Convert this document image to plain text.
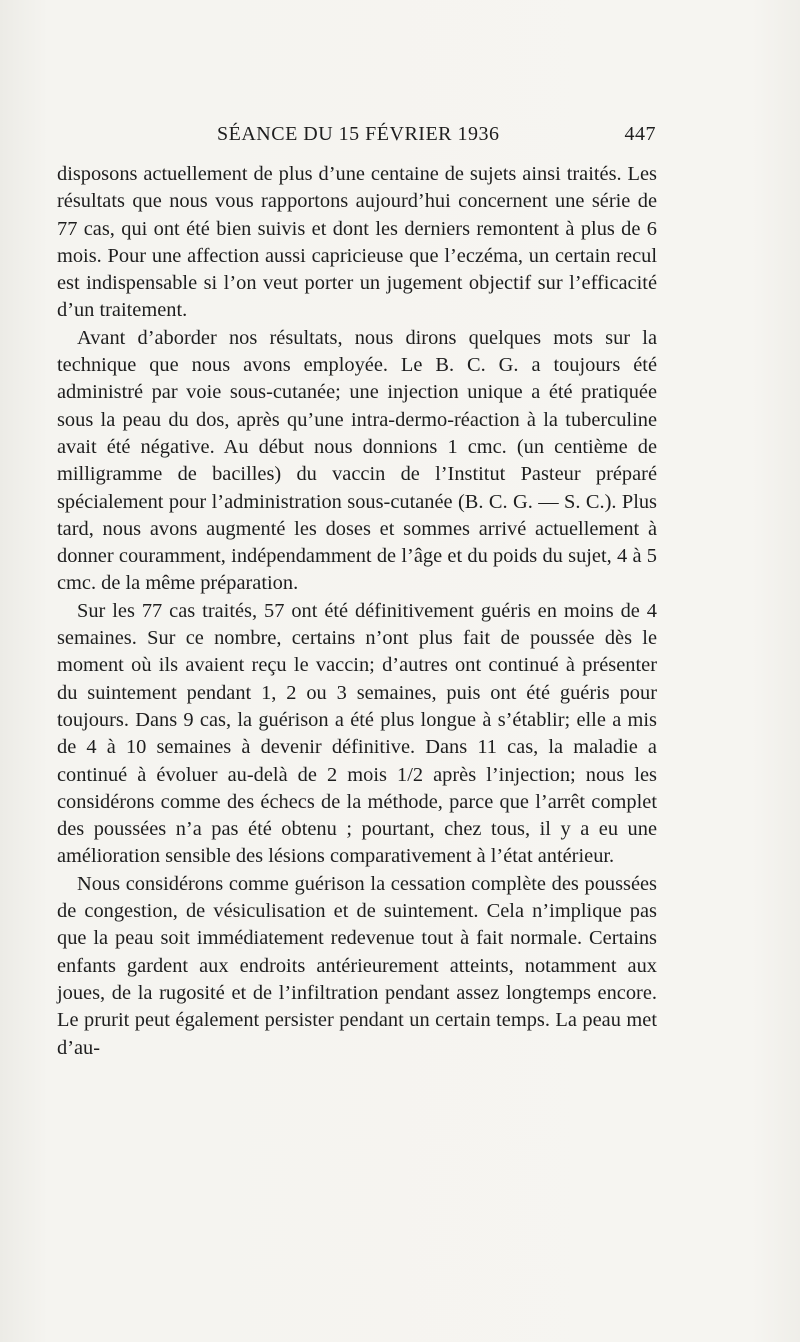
SÉANCE DU 15 FÉVRIER 1936	447

disposons actuellement de plus d’une centaine de sujets ainsi traités. Les résultats que nous vous rapportons aujourd’hui concernent une série de 77 cas, qui ont été bien suivis et dont les derniers remontent à plus de 6 mois. Pour une affection aussi capricieuse que l’eczéma, un certain recul est indispensable si l’on veut porter un jugement objectif sur l’efficacité d’un traitement.

Avant d’aborder nos résultats, nous dirons quelques mots sur la technique que nous avons employée. Le B. C. G. a toujours été administré par voie sous-cutanée; une injection unique a été pratiquée sous la peau du dos, après qu’une intra-dermo-réaction à la tuberculine avait été négative. Au début nous donnions 1 cmc. (un centième de milligramme de bacilles) du vaccin de l’Institut Pasteur préparé spécialement pour l’administration sous-cutanée (B. C. G. — S. C.). Plus tard, nous avons augmenté les doses et sommes arrivé actuellement à donner couramment, indépendamment de l’âge et du poids du sujet, 4 à 5 cmc. de la même préparation.

Sur les 77 cas traités, 57 ont été définitivement guéris en moins de 4 semaines. Sur ce nombre, certains n’ont plus fait de poussée dès le moment où ils avaient reçu le vaccin; d’autres ont continué à présenter du suintement pendant 1, 2 ou 3 semaines, puis ont été guéris pour toujours. Dans 9 cas, la guérison a été plus longue à s’établir; elle a mis de 4 à 10 semaines à devenir définitive. Dans 11 cas, la maladie a continué à évoluer au-delà de 2 mois 1/2 après l’injection; nous les considérons comme des échecs de la méthode, parce que l’arrêt complet des poussées n’a pas été obtenu ; pourtant, chez tous, il y a eu une amélioration sensible des lésions comparativement à l’état antérieur.

Nous considérons comme guérison la cessation complète des poussées de congestion, de vésiculisation et de suintement. Cela n’implique pas que la peau soit immédiatement redevenue tout à fait normale. Certains enfants gardent aux endroits antérieurement atteints, notamment aux joues, de la rugosité et de l’infiltration pendant assez longtemps encore. Le prurit peut également persister pendant un certain temps. La peau met d’au-
